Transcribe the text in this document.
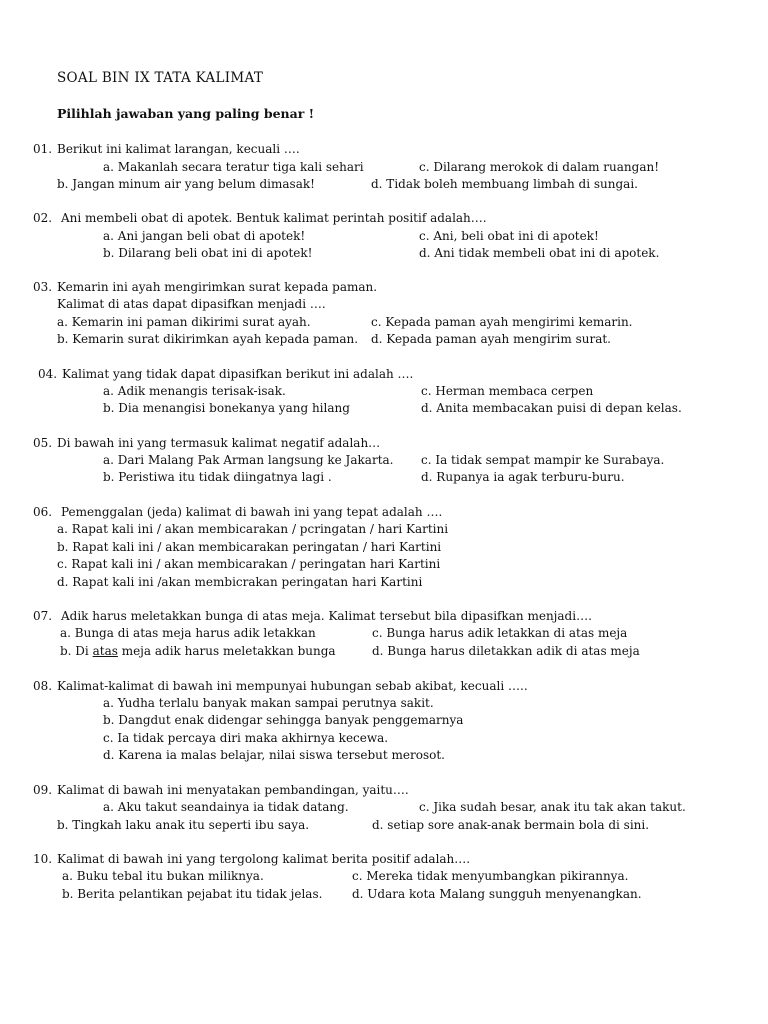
SOAL BIN IX TATA KALIMAT
Pilihlah jawaban yang paling benar !
01. Berikut ini kalimat larangan, kecuali ….
a. Makanlah secara teratur tiga kali sehari	c. Dilarang merokok di dalam ruangan!
b. Jangan minum air yang belum dimasak!	d. Tidak boleh membuang limbah di sungai.
02. Ani membeli obat di apotek. Bentuk kalimat perintah positif adalah….
a. Ani jangan beli obat di apotek!	c. Ani, beli obat ini di apotek!
b. Dilarang beli obat ini di apotek!	d. Ani tidak membeli obat ini di apotek.
03. Kemarin ini ayah mengirimkan surat kepada paman.
Kalimat di atas dapat dipasifkan menjadi ….
a. Kemarin ini paman dikirimi surat ayah.	c. Kepada paman ayah mengirimi kemarin.
b. Kemarin surat dikirimkan ayah kepada paman. d. Kepada paman ayah mengirim surat.
04. Kalimat yang tidak dapat dipasifkan berikut ini adalah ….
a. Adik menangis terisak-isak.	c. Herman membaca cerpen
b. Dia menangisi bonekanya yang hilang	d. Anita membacakan puisi di depan kelas.
05. Di bawah ini yang termasuk kalimat negatif adalah…
a. Dari Malang Pak Arman langsung ke Jakarta. c. Ia tidak sempat mampir ke Surabaya.
b. Peristiwa itu tidak diingatnya lagi .	d. Rupanya ia agak terburu-buru.
06. Pemenggalan (jeda) kalimat di bawah ini yang tepat adalah ….
a. Rapat kali ini / akan membicarakan / pcringatan / hari Kartini
b. Rapat kali ini / akan membicarakan peringatan / hari Kartini
c. Rapat kali ini / akan membicarakan / peringatan hari Kartini
d. Rapat kali ini /akan membicrakan peringatan hari Kartini
07. Adik harus meletakkan bunga di atas meja. Kalimat tersebut bila dipasifkan menjadi….
a. Bunga di atas meja harus adik letakkan	c. Bunga harus adik letakkan di atas meja
b. Di atas meja adik harus meletakkan bunga	d. Bunga harus diletakkan adik di atas meja
08. Kalimat-kalimat di bawah ini mempunyai hubungan sebab akibat, kecuali …..
a. Yudha terlalu banyak makan sampai perutnya sakit.
b. Dangdut enak didengar sehingga banyak penggemarnya
c. Ia tidak percaya diri maka akhirnya kecewa.
d. Karena ia malas belajar, nilai siswa tersebut merosot.
09. Kalimat di bawah ini menyatakan pembandingan, yaitu….
a. Aku takut seandainya ia tidak datang.	c. Jika sudah besar, anak itu tak akan takut.
b. Tingkah laku anak itu seperti ibu saya.	d. setiap sore anak-anak bermain bola di sini.
10. Kalimat di bawah ini yang tergolong kalimat berita positif adalah….
a. Buku tebal itu bukan miliknya.	c. Mereka tidak menyumbangkan pikirannya.
b. Berita pelantikan pejabat itu tidak jelas. d. Udara kota Malang sungguh menyenangkan.
